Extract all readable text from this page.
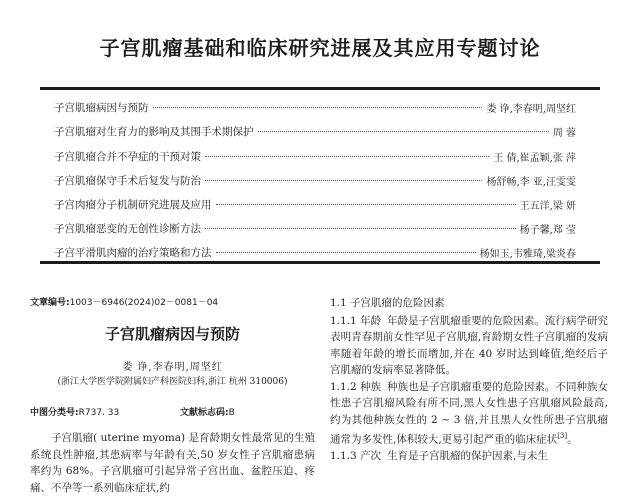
子宫肌瘤基础和临床研究进展及其应用专题讨论
子宫肌瘤病因与预防	娄 诤,李春明,周坚红
子宫肌瘤对生育力的影响及其围手术期保护	周 蓉
子宫肌瘤合并不孕症的干预对策	王 倩,崔孟颖,张 萍
子宫肌瘤保守手术后复发与防治	杨舒畅,李 亚,汪雯雯
子宫肉瘤分子机制研究进展及应用	王五洋,梁 妍
子宫肌瘤恶变的无创性诊断方法	杨子馨,郑 莹
子宫平滑肌肉瘤的治疗策略和方法	杨如玉,韦雅琦,梁炎春
文章编号:1003－6946(2024)02－0081－04
子宫肌瘤病因与预防
娄 诤,李春明,周坚红
(浙江大学医学院附属妇产科医院妇科,浙江 杭州 310006)
中图分类号:R737. 33	文献标志码:B

子宫肌瘤( uterine myoma) 是育龄期女性最常见的生殖系统良性肿瘤,其患病率与年龄有关,50 岁女性子宫肌瘤患病率约为 68%。子宫肌瘤可引起异常子宫出血、盆腔压迫、疼痛、不孕等一系列临床症状,约

1.1 子宫肌瘤的危险因素
1.1.1 年龄 年龄是子宫肌瘤重要的危险因素。流行病学研究表明青春期前女性罕见子宫肌瘤,育龄期女性子宫肌瘤的发病率随着年龄的增长而增加,并在 40 岁时达到峰值,绝经后子宫肌瘤的发病率显著降低。
1.1.2 种族 种族也是子宫肌瘤重要的危险因素。不同种族女性患子宫肌瘤风险有所不同,黑人女性患子宫肌瘤风险最高,约为其他种族女性的 2 ~ 3 倍,并且黑人女性所患子宫肌瘤通常为多发性,体积较大,更易引起严重的临床症状[3]。
1.1.3 产次 生育是子宫肌瘤的保护因素,与未生
